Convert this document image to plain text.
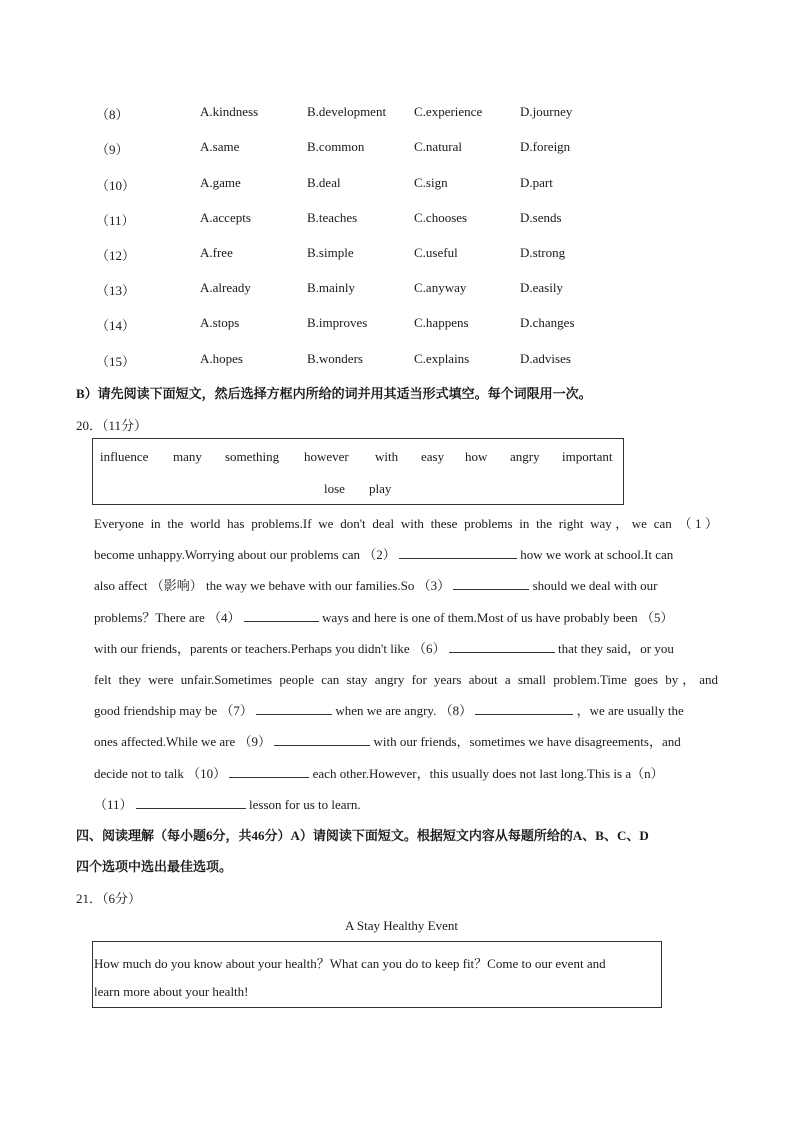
（8）	A.kindness	B.development C.experience	D.journey
（9）	A.same	B.common	C.natural	D.foreign
（10）	A.game	B.deal	C.sign	D.part
（11）	A.accepts	B.teaches	C.chooses	D.sends
（12）	A.free	B.simple	C.useful	D.strong
（13）	A.already	B.mainly	C.anyway	D.easily
（14）	A.stops	B.improves	C.happens	D.changes
（15）	A.hopes	B.wonders	C.explains	D.advises
B）请先阅读下面短文，然后选择方框内所给的词并用其适当形式填空。每个词限用一次。
20．（11分）
influence many something however with easy how angry important
lose play
Everyone in the world has problems.If we don't deal with these problems in the right way，we can （1）
become unhappy.Worrying about our problems can （2）	how we work at school.It can
also affect （影响） the way we behave with our families.So （3）	should we deal with our
problems？There are （4）	ways and here is one of them.Most of us have probably been （5）
with our friends，parents or teachers.Perhaps you didn't like （6）	that they said，or you
felt they were unfair.Sometimes people can stay angry for years about a small problem.Time goes by，and
good friendship may be （7）	when we are angry. （8）	，we are usually the
ones affected.While we are （9）	with our friends，sometimes we have disagreements，and
decide not to talk （10）	each other.However，this usually does not last long.This is a（n）
（11）	lesson for us to learn.
四、阅读理解（每小题6分，共46分）A）请阅读下面短文。根据短文内容从每题所给的A、B、C、D
四个选项中选出最佳选项。
21．（6分）
A Stay Healthy Event
How much do you know about your health？What can you do to keep fit？Come to our event and
learn more about your health!
